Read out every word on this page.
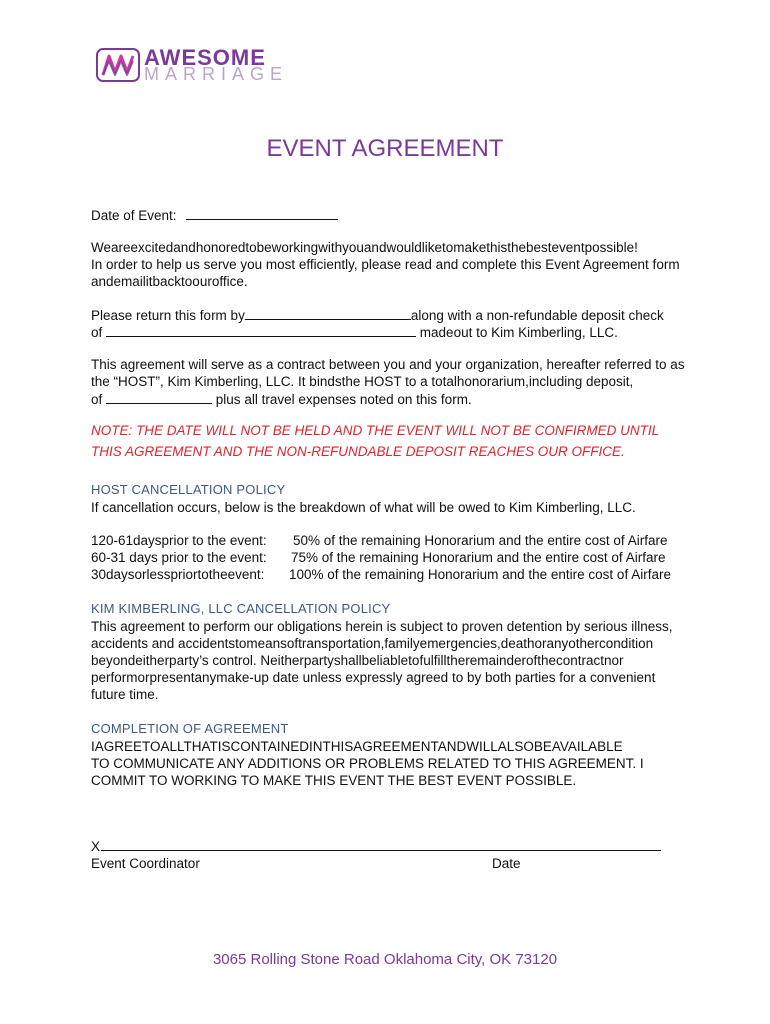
AWESOME
MARRIAGE
EVENT AGREEMENT
Date of Event:
Weareexcitedandhonoredtobeworkingwithyouandwouldliketomakethisthebesteventpossible!
In order to help us serve you most efficiently, please read and complete this Event Agreement form
andemailitbacktoouroffice.
Please return this form by	along with a non-refundable deposit check
of	madeout to Kim Kimberling, LLC.
This agreement will serve as a contract between you and your organization, hereafter referred to as
the “HOST”, Kim Kimberling, LLC. It bindsthe HOST to a totalhonorarium,including deposit,
of	plus all travel expenses noted on this form.
NOTE: THE DATE WILL NOT BE HELD AND THE EVENT WILL NOT BE CONFIRMED UNTIL
THIS AGREEMENT AND THE NON-REFUNDABLE DEPOSIT REACHES OUR OFFICE.
HOST CANCELLATION POLICY
If cancellation occurs, below is the breakdown of what will be owed to Kim Kimberling, LLC.
120-61daysprior to the event: 50% of the remaining Honorarium and the entire cost of Airfare
60-31 days prior to the event: 75% of the remaining Honorarium and the entire cost of Airfare
30daysorlesspriortotheevent: 100% of the remaining Honorarium and the entire cost of Airfare
KIM KIMBERLING, LLC CANCELLATION POLICY
This agreement to perform our obligations herein is subject to proven detention by serious illness,
accidents and accidentstomeansoftransportation,familyemergencies,deathoranyothercondition
beyondeitherparty’s control. Neitherpartyshallbeliabletofulfilltheremainderofthecontractnor
performorpresentanymake-up date unless expressly agreed to by both parties for a convenient
future time.
COMPLETION OF AGREEMENT
IAGREETOALLTHATISCONTAINEDINTHISAGREEMENTANDWILLALSOBEAVAILABLE
TO COMMUNICATE ANY ADDITIONS OR PROBLEMS RELATED TO THIS AGREEMENT. I
COMMIT TO WORKING TO MAKE THIS EVENT THE BEST EVENT POSSIBLE.
X
Event Coordinator	Date
3065 Rolling Stone Road Oklahoma City, OK 73120
